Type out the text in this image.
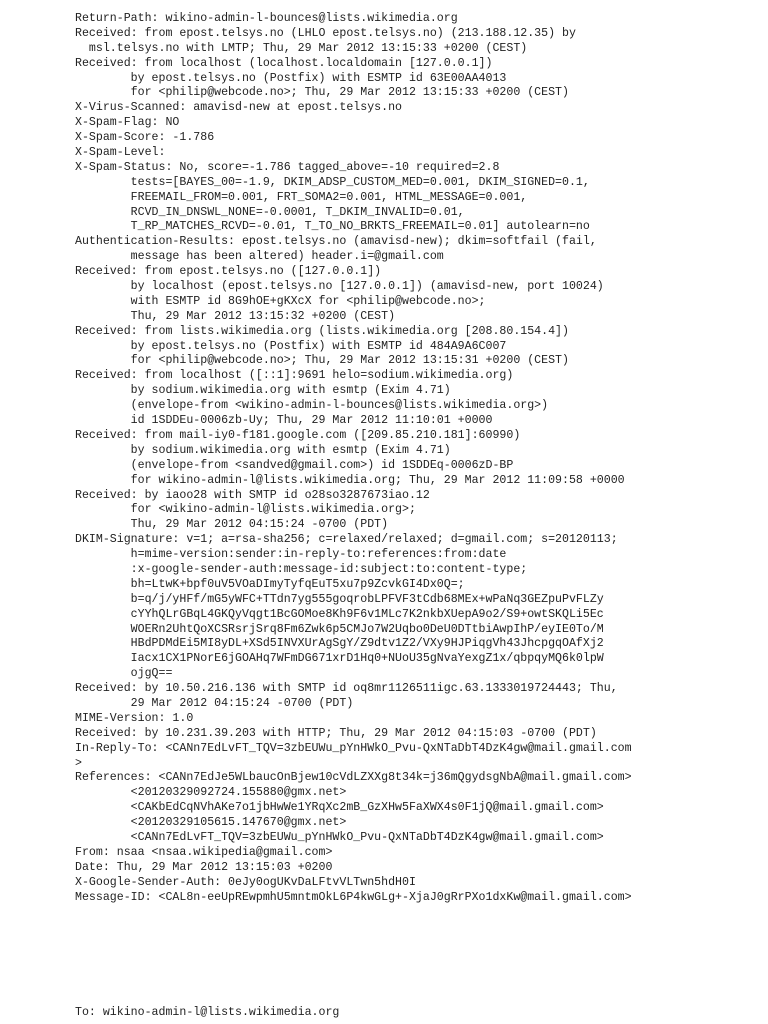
Return-Path: wikino-admin-l-bounces@lists.wikimedia.org
Received: from epost.telsys.no (LHLO epost.telsys.no) (213.188.12.35) by
msl.telsys.no with LMTP; Thu, 29 Mar 2012 13:15:33 +0200 (CEST)
Received: from localhost (localhost.localdomain [127.0.0.1])
by epost.telsys.no (Postfix) with ESMTP id 63E00AA4013
for <philip@webcode.no>; Thu, 29 Mar 2012 13:15:33 +0200 (CEST)
X-Virus-Scanned: amavisd-new at epost.telsys.no
X-Spam-Flag: NO
X-Spam-Score: -1.786
X-Spam-Level:
X-Spam-Status: No, score=-1.786 tagged_above=-10 required=2.8
tests=[BAYES_00=-1.9, DKIM_ADSP_CUSTOM_MED=0.001, DKIM_SIGNED=0.1,
FREEMAIL_FROM=0.001, FRT_SOMA2=0.001, HTML_MESSAGE=0.001,
RCVD_IN_DNSWL_NONE=-0.0001, T_DKIM_INVALID=0.01,
T_RP_MATCHES_RCVD=-0.01, T_TO_NO_BRKTS_FREEMAIL=0.01] autolearn=no
Authentication-Results: epost.telsys.no (amavisd-new); dkim=softfail (fail,
message has been altered) header.i=@gmail.com
Received: from epost.telsys.no ([127.0.0.1])
by localhost (epost.telsys.no [127.0.0.1]) (amavisd-new, port 10024)
with ESMTP id 8G9hOE+gKXcX for <philip@webcode.no>;
Thu, 29 Mar 2012 13:15:32 +0200 (CEST)
Received: from lists.wikimedia.org (lists.wikimedia.org [208.80.154.4])
by epost.telsys.no (Postfix) with ESMTP id 484A9A6C007
for <philip@webcode.no>; Thu, 29 Mar 2012 13:15:31 +0200 (CEST)
Received: from localhost ([::1]:9691 helo=sodium.wikimedia.org)
by sodium.wikimedia.org with esmtp (Exim 4.71)
(envelope-from <wikino-admin-l-bounces@lists.wikimedia.org>)
id 1SDDEu-0006zb-Uy; Thu, 29 Mar 2012 11:10:01 +0000
Received: from mail-iy0-f181.google.com ([209.85.210.181]:60990)
by sodium.wikimedia.org with esmtp (Exim 4.71)
(envelope-from <sandved@gmail.com>) id 1SDDEq-0006zD-BP
for wikino-admin-l@lists.wikimedia.org; Thu, 29 Mar 2012 11:09:58 +0000
Received: by iaoo28 with SMTP id o28so3287673iao.12
for <wikino-admin-l@lists.wikimedia.org>;
Thu, 29 Mar 2012 04:15:24 -0700 (PDT)
DKIM-Signature: v=1; a=rsa-sha256; c=relaxed/relaxed; d=gmail.com; s=20120113;
h=mime-version:sender:in-reply-to:references:from:date
:x-google-sender-auth:message-id:subject:to:content-type;
bh=LtwK+bpf0uV5VOaDImyTyfqEuT5xu7p9ZcvkGI4Dx0Q=;
b=q/j/yHFf/mG5yWFC+TTdn7yg555goqrobLPFVF3tCdb68MEx+wPaNq3GEZpuPvFLZy
cYYhQLrGBqL4GKQyVqgt1BcGOMoe8Kh9F6v1MLc7K2nkbXUepA9o2/S9+owtSKQLi5Ec
WOERn2UhtQoXCSRsrjSrq8Fm6Zwk6p5CMJo7W2Uqbo0DeU0DTtbiAwpIhP/eyIE0To/M
HBdPDMdEi5MI8yDL+XSd5INVXUrAgSgY/Z9dtv1Z2/VXy9HJPiqgVh43JhcpgqOAfXj2
Iacx1CX1PNorE6jGOAHq7WFmDG671xrD1Hq0+NUoU35gNvaYexgZ1x/qbpqyMQ6k0lpW
ojgQ==
Received: by 10.50.216.136 with SMTP id oq8mr1126511igc.63.1333019724443; Thu,
29 Mar 2012 04:15:24 -0700 (PDT)
MIME-Version: 1.0
Received: by 10.231.39.203 with HTTP; Thu, 29 Mar 2012 04:15:03 -0700 (PDT)
In-Reply-To: <CANn7EdLvFT_TQV=3zbEUWu_pYnHWkO_Pvu-QxNTaDbT4DzK4gw@mail.gmail.com
>
References: <CANn7EdJe5WLbaucOnBjew10cVdLZXXg8t34k=j36mQgydsgNbA@mail.gmail.com>
<20120329092724.155880@gmx.net>
<CAKbEdCqNVhAKe7o1jbHwWe1YRqXc2mB_GzXHw5FaXWX4s0F1jQ@mail.gmail.com>
<20120329105615.147670@gmx.net>
<CANn7EdLvFT_TQV=3zbEUWu_pYnHWkO_Pvu-QxNTaDbT4DzK4gw@mail.gmail.com>
From: nsaa <nsaa.wikipedia@gmail.com>
Date: Thu, 29 Mar 2012 13:15:03 +0200
X-Google-Sender-Auth: 0eJy0ogUKvDaLFtvVLTwn5hdH0I
Message-ID: <CAL8n-eeUpREwpmhU5mntmOkL6P4kwGLg+-XjaJ0gRrPXo1dxKw@mail.gmail.com>
To: wikino-admin-l@lists.wikimedia.org
